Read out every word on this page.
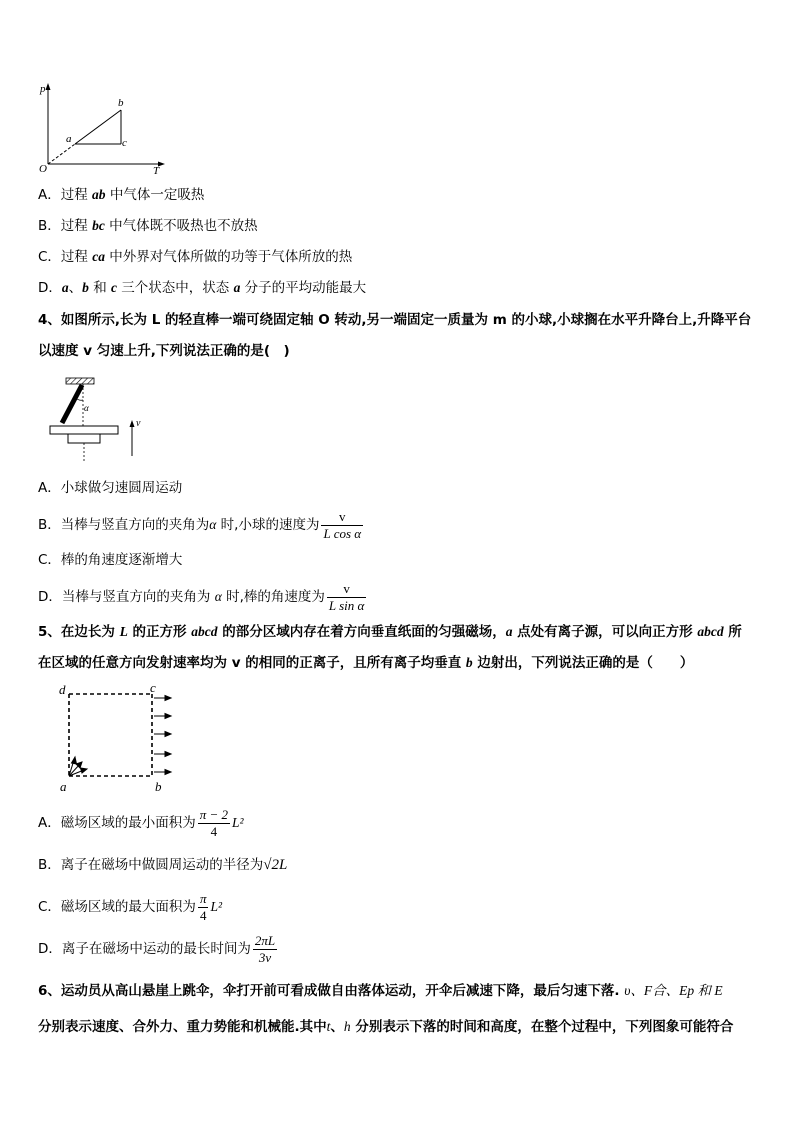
p
T
O
a
b
c
A．过程 ab 中气体一定吸热
B．过程 bc 中气体既不吸热也不放热
C．过程 ca 中外界对气体所做的功等于气体所放的热
D．a、b 和 c 三个状态中，状态 a 分子的平均动能最大
4、如图所示,长为 L 的轻直棒一端可绕固定轴 O 转动,另一端固定一质量为 m 的小球,小球搁在水平升降台上,升降平台
以速度 v 匀速上升,下列说法正确的是(　)
α
v
A．小球做匀速圆周运动
B．当棒与竖直方向的夹角为α 时,小球的速度为 $\frac{v}{\text{L cos α}}$
C．棒的角速度逐渐增大
D．当棒与竖直方向的夹角为 α 时,棒的角速度为 $\frac{v}{\text{L sin α}}$
5、在边长为 L 的正方形 abcd 的部分区域内存在着方向垂直纸面的匀强磁场，a 点处有离子源，可以向正方形 abcd 所
在区域的任意方向发射速率均为 v 的相同的正离子，且所有离子均垂直 b 边射出，下列说法正确的是（　　）
d	c
a	b
A．磁场区域的最小面积为 $\frac{\pi - 2}{4} L^2$
B．离子在磁场中做圆周运动的半径为√2L
C．磁场区域的最大面积为 $\frac{\pi}{4} L^2$
D．离子在磁场中运动的最长时间为 $\frac{2\pi L}{3v}$
6、运动员从高山悬崖上跳伞，伞打开前可看成做自由落体运动，开伞后减速下降，最后匀速下落. υ、F合、Ep 和 E
分别表示速度、合外力、重力势能和机械能.其中t、h 分别表示下落的时间和高度，在整个过程中，下列图象可能符合
